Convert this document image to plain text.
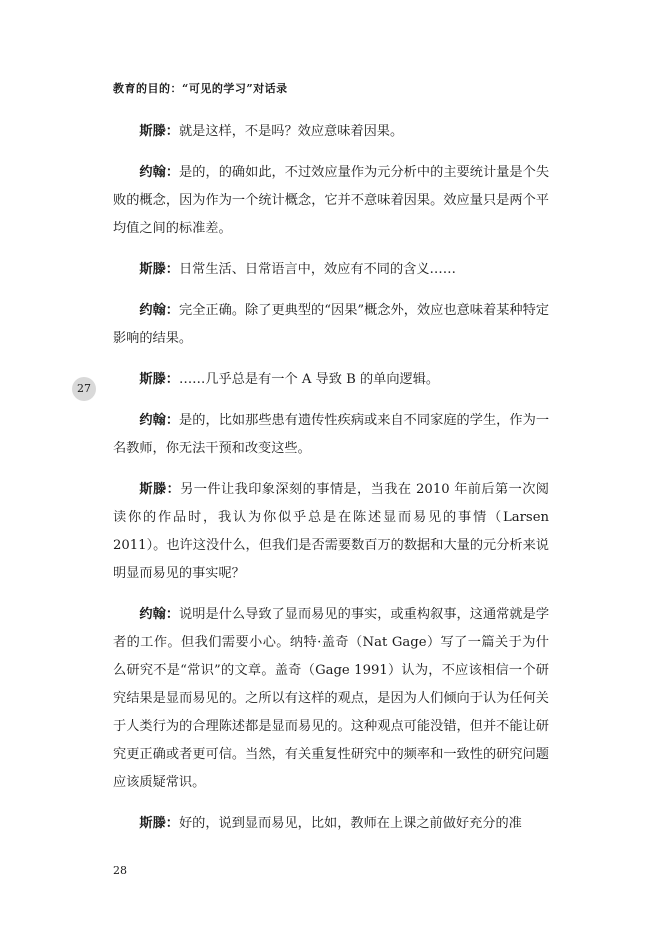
教育的目的：“可见的学习”对话录
27

斯滕：就是这样，不是吗？效应意味着因果。

约翰：是的，的确如此，不过效应量作为元分析中的主要统计量是个失败的概念，因为作为一个统计概念，它并不意味着因果。效应量只是两个平均值之间的标准差。

斯滕：日常生活、日常语言中，效应有不同的含义……

约翰：完全正确。除了更典型的“因果”概念外，效应也意味着某种特定影响的结果。

斯滕：……几乎总是有一个 A 导致 B 的单向逻辑。

约翰：是的，比如那些患有遗传性疾病或来自不同家庭的学生，作为一名教师，你无法干预和改变这些。

斯滕：另一件让我印象深刻的事情是，当我在 2010 年前后第一次阅读你的作品时，我认为你似乎总是在陈述显而易见的事情（Larsen 2011）。也许这没什么，但我们是否需要数百万的数据和大量的元分析来说明显而易见的事实呢？

约翰：说明是什么导致了显而易见的事实，或重构叙事，这通常就是学者的工作。但我们需要小心。纳特·盖奇（Nat Gage）写了一篇关于为什么研究不是“常识”的文章。盖奇（Gage 1991）认为，不应该相信一个研究结果是显而易见的。之所以有这样的观点，是因为人们倾向于认为任何关于人类行为的合理陈述都是显而易见的。这种观点可能没错，但并不能让研究更正确或者更可信。当然，有关重复性研究中的频率和一致性的研究问题应该质疑常识。

斯滕：好的，说到显而易见，比如，教师在上课之前做好充分的准

28
